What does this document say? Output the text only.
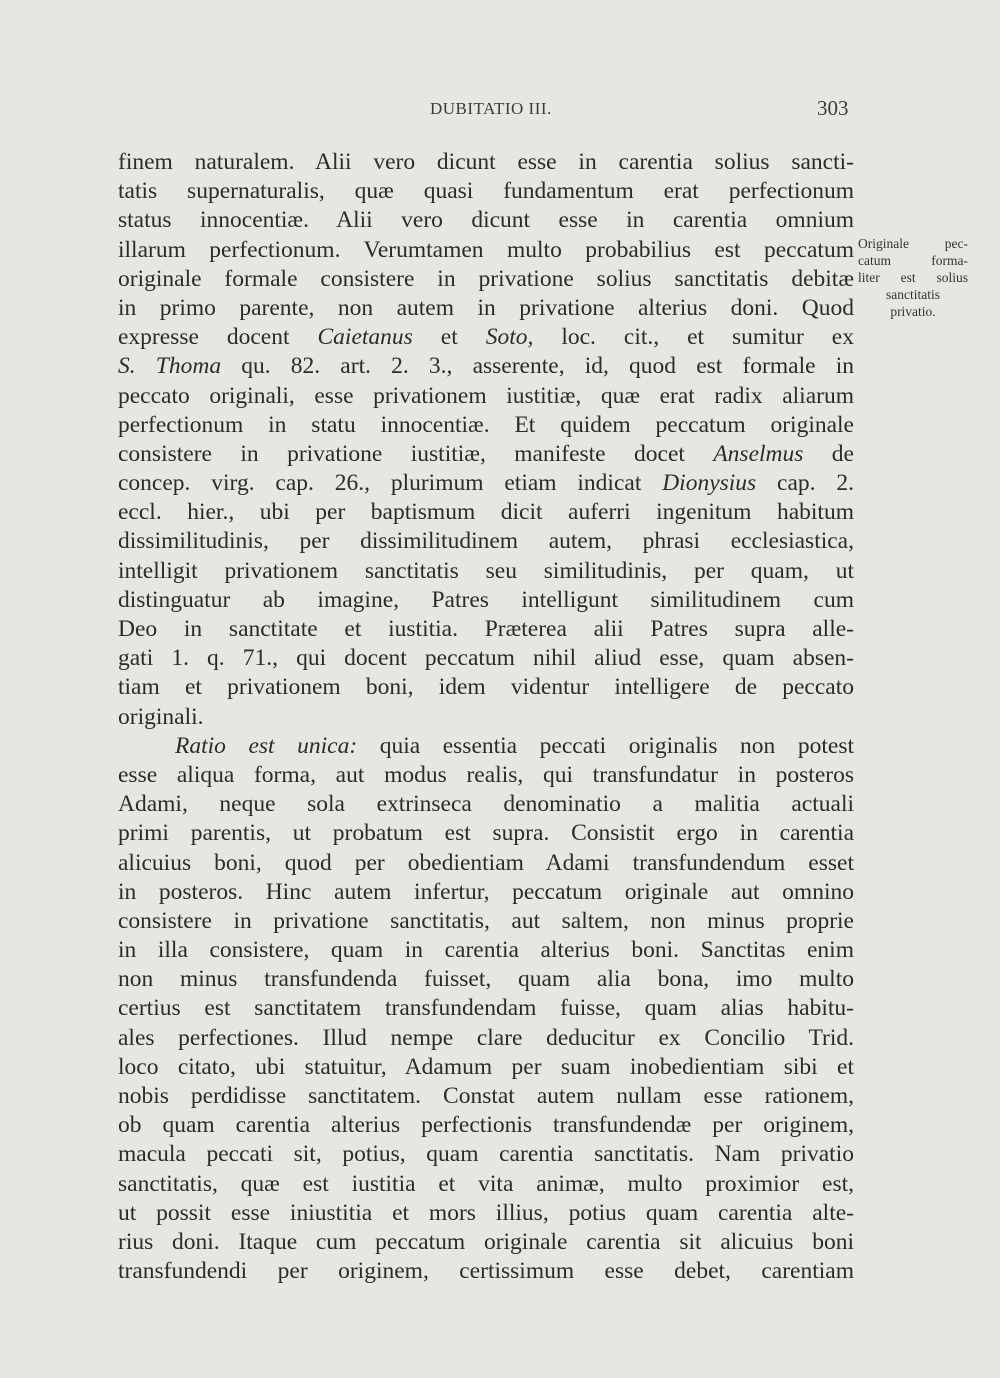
DUBITATIO III.	303
Originale pec-
catum forma-
liter est solius
sanctitatis
privatio.
finem naturalem. Alii vero dicunt esse in carentia solius sancti-
tatis supernaturalis, quæ quasi fundamentum erat perfectionum
status innocentiæ. Alii vero dicunt esse in carentia omnium
illarum perfectionum. Verumtamen multo probabilius est peccatum
originale formale consistere in privatione solius sanctitatis debitæ
in primo parente, non autem in privatione alterius doni. Quod
expresse docent Caietanus et Soto, loc. cit., et sumitur ex
S. Thoma qu. 82. art. 2. 3., asserente, id, quod est formale in
peccato originali, esse privationem iustitiæ, quæ erat radix aliarum
perfectionum in statu innocentiæ. Et quidem peccatum originale
consistere in privatione iustitiæ, manifeste docet Anselmus de
concep. virg. cap. 26., plurimum etiam indicat Dionysius cap. 2.
eccl. hier., ubi per baptismum dicit auferri ingenitum habitum
dissimilitudinis, per dissimilitudinem autem, phrasi ecclesiastica,
intelligit privationem sanctitatis seu similitudinis, per quam, ut
distinguatur ab imagine, Patres intelligunt similitudinem cum
Deo in sanctitate et iustitia. Præterea alii Patres supra alle-
gati 1. q. 71., qui docent peccatum nihil aliud esse, quam absen-
tiam et privationem boni, idem videntur intelligere de peccato
originali.
Ratio est unica: quia essentia peccati originalis non potest
esse aliqua forma, aut modus realis, qui transfundatur in posteros
Adami, neque sola extrinseca denominatio a malitia actuali
primi parentis, ut probatum est supra. Consistit ergo in carentia
alicuius boni, quod per obedientiam Adami transfundendum esset
in posteros. Hinc autem infertur, peccatum originale aut omnino
consistere in privatione sanctitatis, aut saltem, non minus proprie
in illa consistere, quam in carentia alterius boni. Sanctitas enim
non minus transfundenda fuisset, quam alia bona, imo multo
certius est sanctitatem transfundendam fuisse, quam alias habitu-
ales perfectiones. Illud nempe clare deducitur ex Concilio Trid.
loco citato, ubi statuitur, Adamum per suam inobedientiam sibi et
nobis perdidisse sanctitatem. Constat autem nullam esse rationem,
ob quam carentia alterius perfectionis transfundendæ per originem,
macula peccati sit, potius, quam carentia sanctitatis. Nam privatio
sanctitatis, quæ est iustitia et vita animæ, multo proximior est,
ut possit esse iniustitia et mors illius, potius quam carentia alte-
rius doni. Itaque cum peccatum originale carentia sit alicuius boni
transfundendi per originem, certissimum esse debet, carentiam
